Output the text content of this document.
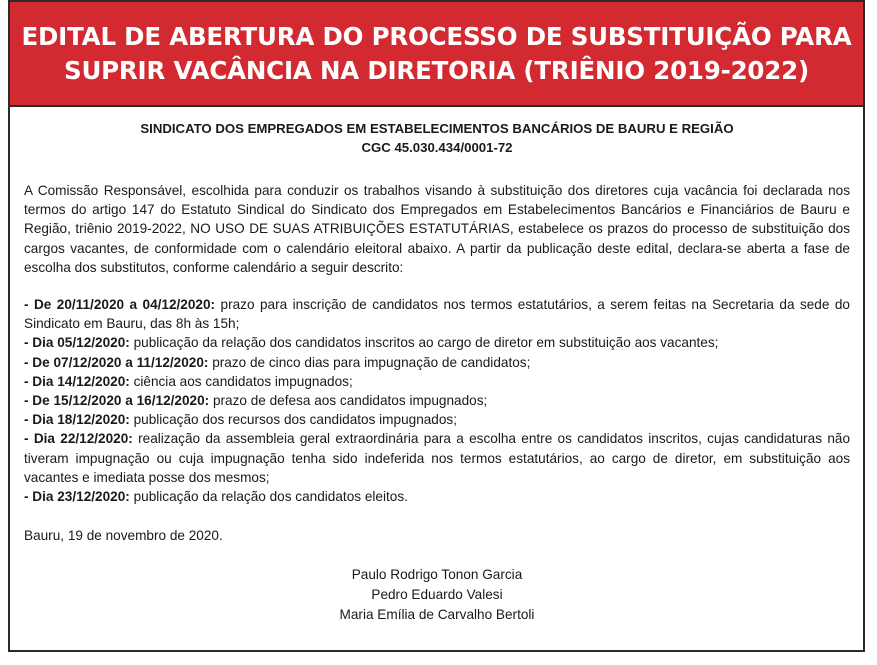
EDITAL DE ABERTURA DO PROCESSO DE SUBSTITUIÇÃO PARA
SUPRIR VACÂNCIA NA DIRETORIA (TRIÊNIO 2019-2022)
SINDICATO DOS EMPREGADOS EM ESTABELECIMENTOS BANCÁRIOS DE BAURU E REGIÃO
CGC 45.030.434/0001-72
A Comissão Responsável, escolhida para conduzir os trabalhos visando à substituição dos diretores cuja vacância foi declarada nos termos do artigo 147 do Estatuto Sindical do Sindicato dos Empregados em Estabelecimentos Bancários e Financiários de Bauru e Região, triênio 2019-2022, NO USO DE SUAS ATRIBUIÇÕES ESTATUTÁRIAS, estabelece os prazos do processo de substituição dos cargos vacantes, de conformidade com o calendário eleitoral abaixo. A partir da publicação deste edital, declara-se aberta a fase de escolha dos substitutos, conforme calendário a seguir descrito:

- De 20/11/2020 a 04/12/2020: prazo para inscrição de candidatos nos termos estatutários, a serem feitas na Secretaria da sede do Sindicato em Bauru, das 8h às 15h;

- Dia 05/12/2020: publicação da relação dos candidatos inscritos ao cargo de diretor em substituição aos vacantes;

- De 07/12/2020 a 11/12/2020: prazo de cinco dias para impugnação de candidatos;

- Dia 14/12/2020: ciência aos candidatos impugnados;

- De 15/12/2020 a 16/12/2020: prazo de defesa aos candidatos impugnados;

- Dia 18/12/2020: publicação dos recursos dos candidatos impugnados;

- Dia 22/12/2020: realização da assembleia geral extraordinária para a escolha entre os candidatos inscritos, cujas candidaturas não tiveram impugnação ou cuja impugnação tenha sido indeferida nos termos estatutários, ao cargo de diretor, em substituição aos vacantes e imediata posse dos mesmos;

- Dia 23/12/2020: publicação da relação dos candidatos eleitos.

Bauru, 19 de novembro de 2020.
Paulo Rodrigo Tonon Garcia
Pedro Eduardo Valesi
Maria Emília de Carvalho Bertoli
